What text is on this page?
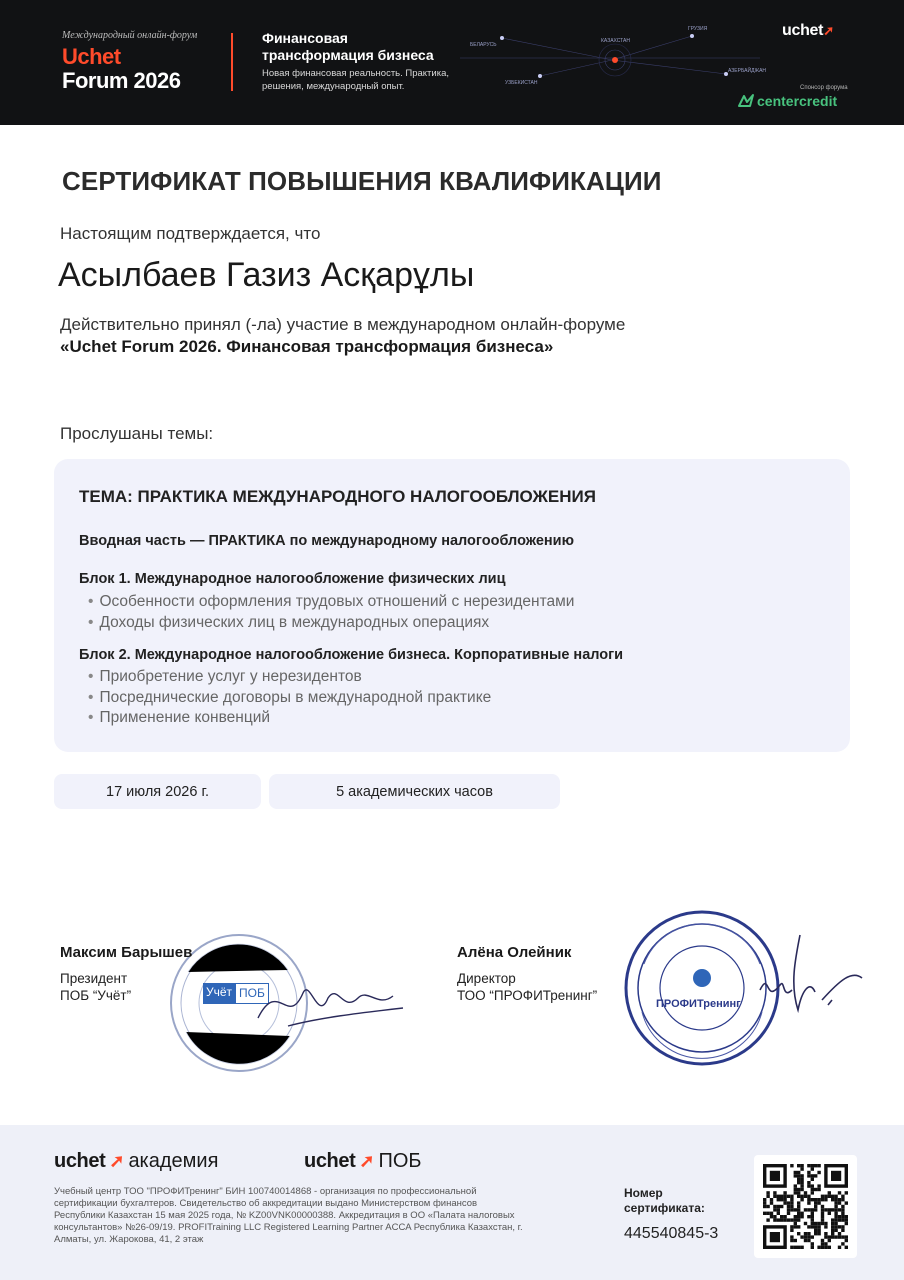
БЕЛАРУСЬ
КАЗАХСТАН
УЗБЕКИСТАН
ГРУЗИЯ
АЗЕРБАЙДЖАН
Международный онлайн-форум
Uchet
Forum 2026
Финансовая трансформация бизнеса
Новая финансовая реальность. Практика, решения, международный опыт.
uchet➚
Спонсор форума
centercredit
СЕРТИФИКАТ ПОВЫШЕНИЯ КВАЛИФИКАЦИИ
Настоящим подтверждается, что
Асылбаев Газиз Асқарұлы
Действительно принял (-ла) участие в международном онлайн-форуме
«Uchet Forum 2026. Финансовая трансформация бизнеса»
Прослушаны темы:
ТЕМА: ПРАКТИКА МЕЖДУНАРОДНОГО НАЛОГООБЛОЖЕНИЯ
Вводная часть — ПРАКТИКА по международному налогообложению
Блок 1. Международное налогообложение физических лиц
• Особенности оформления трудовых отношений с нерезидентами
• Доходы физических лиц в международных операциях
Блок 2. Международное налогообложение бизнеса. Корпоративные налоги
• Приобретение услуг у нерезидентов
• Посреднические договоры в международной практике
• Применение конвенций
17 июля 2026 г.	5 академических часов
Учёт ПОБ
Максим Барышев
Президент
ПОБ “Учёт”
Алёна Олейник
Директор
ТОО “ПРОФИТренинг”
ПРОФИТренинг
uchet ➚ академия	uchet ➚ ПОБ
Учебный центр ТОО "ПРОФИТренинг" БИН 100740014868 - организация по профессиональной сертификации бухгалтеров. Свидетельство об аккредитации выдано Министерством финансов Республики Казахстан 15 мая 2025 года, № KZ00VNK00000388. Аккредитация в ОО «Палата налоговых консультантов» №26-09/19. PROFITraining LLC Registered Learning Partner ACCA Республика Казахстан, г. Алматы, ул. Жарокова, 41, 2 этаж
Номер сертификата:
445540845-3
